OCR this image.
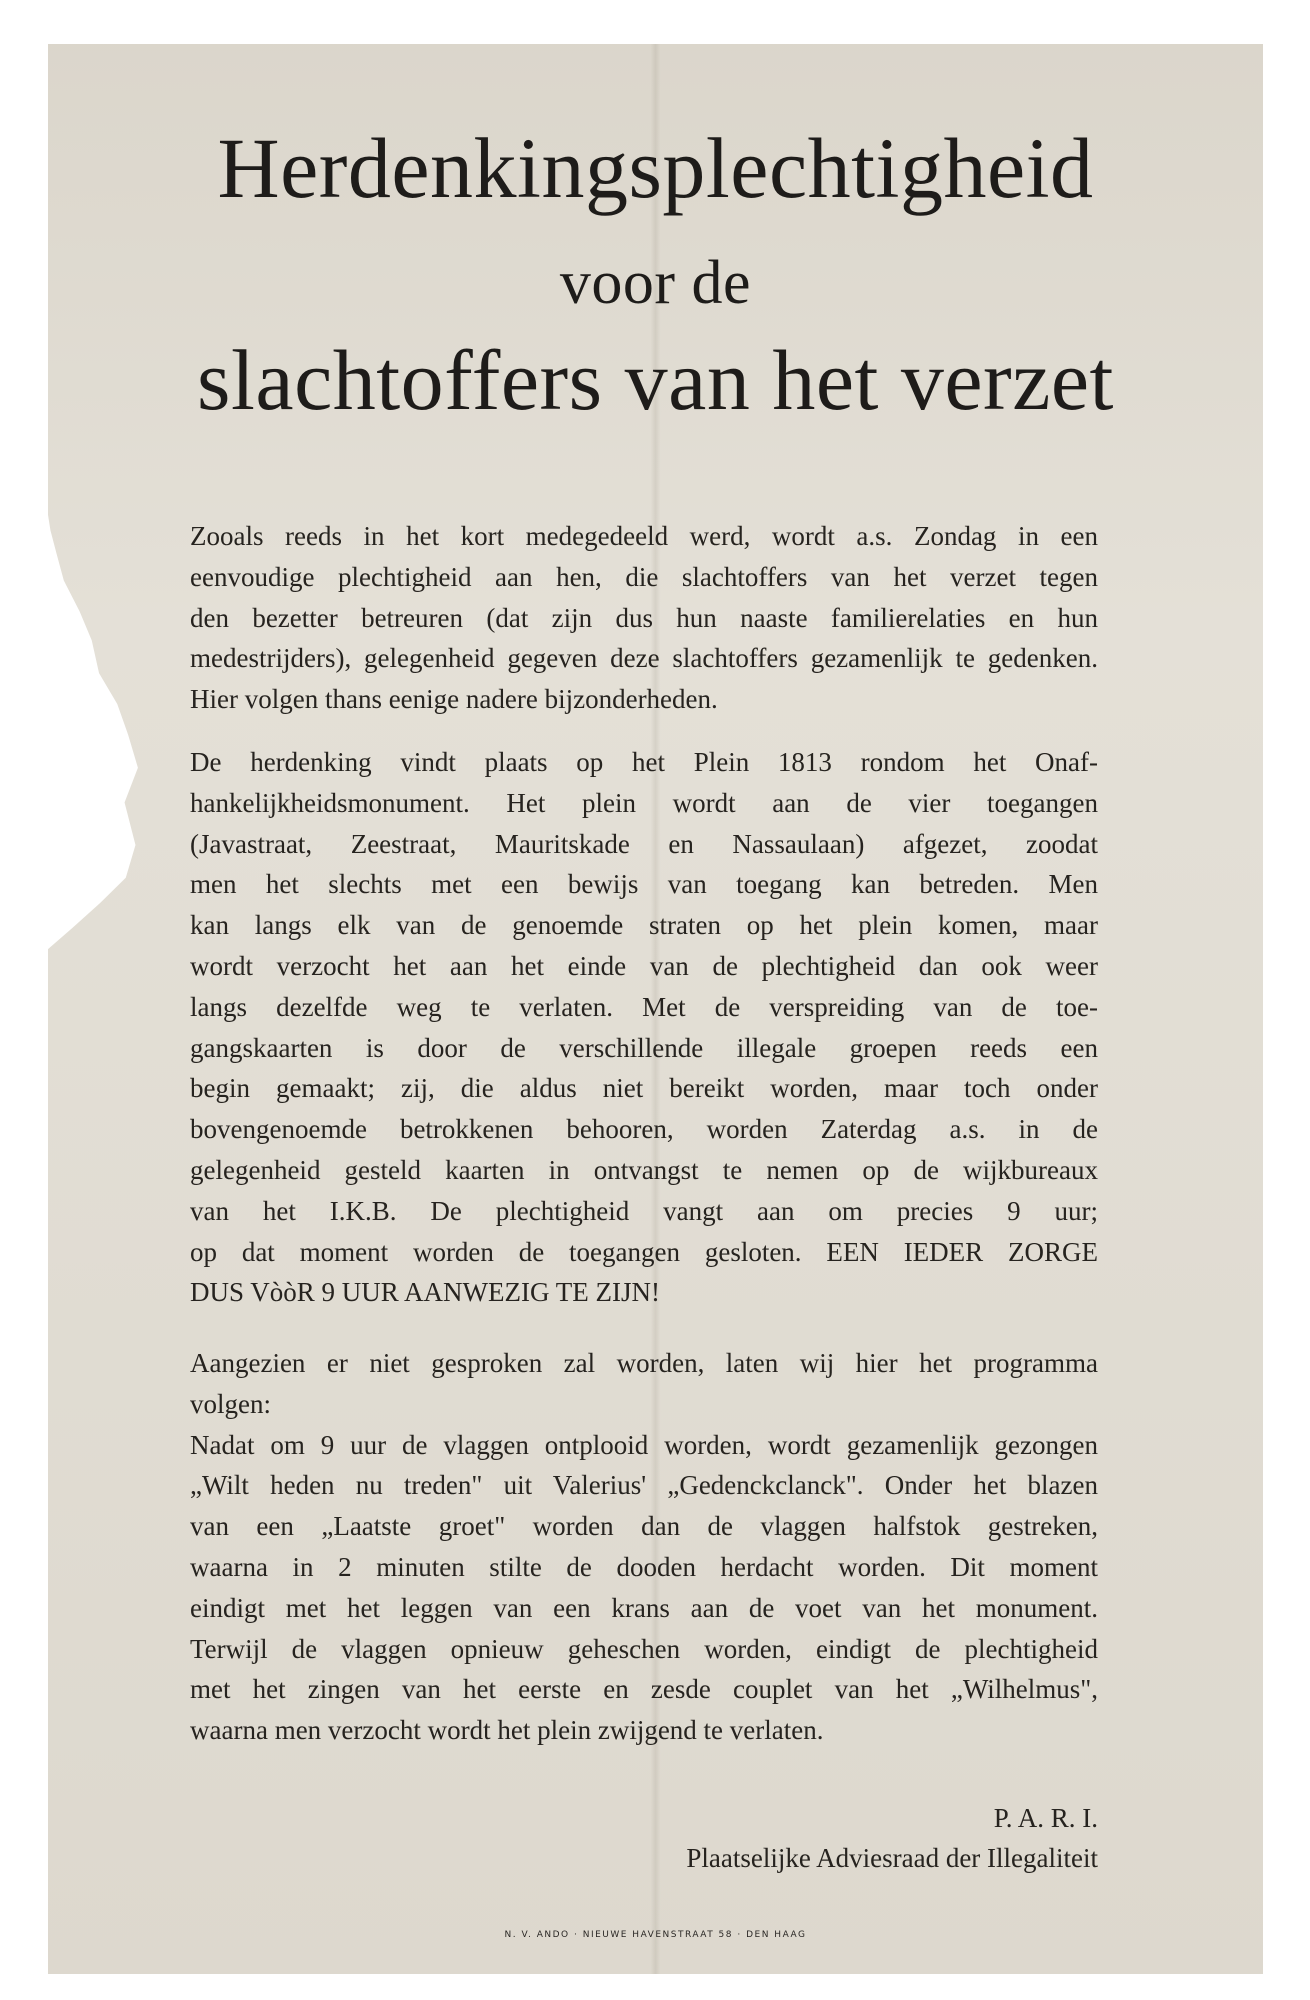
Herdenkingsplechtigheid
voor de
slachtoffers van het verzet
Zooals reeds in het kort medegedeeld werd, wordt a.s. Zondag in een
eenvoudige plechtigheid aan hen, die slachtoffers van het verzet tegen
den bezetter betreuren (dat zijn dus hun naaste familierelaties en hun
medestrijders), gelegenheid gegeven deze slachtoffers gezamenlijk te gedenken.
Hier volgen thans eenige nadere bijzonderheden.
De herdenking vindt plaats op het Plein 1813 rondom het Onaf-
hankelijkheidsmonument. Het plein wordt aan de vier toegangen
(Javastraat, Zeestraat, Mauritskade en Nassaulaan) afgezet, zoodat
men het slechts met een bewijs van toegang kan betreden. Men
kan langs elk van de genoemde straten op het plein komen, maar
wordt verzocht het aan het einde van de plechtigheid dan ook weer
langs dezelfde weg te verlaten. Met de verspreiding van de toe-
gangskaarten is door de verschillende illegale groepen reeds een
begin gemaakt; zij, die aldus niet bereikt worden, maar toch onder
bovengenoemde betrokkenen behooren, worden Zaterdag a.s. in de
gelegenheid gesteld kaarten in ontvangst te nemen op de wijkbureaux
van het I.K.B. De plechtigheid vangt aan om precies 9 uur;
op dat moment worden de toegangen gesloten. EEN IEDER ZORGE
DUS VòòR 9 UUR AANWEZIG TE ZIJN!
Aangezien er niet gesproken zal worden, laten wij hier het programma
volgen:
Nadat om 9 uur de vlaggen ontplooid worden, wordt gezamenlijk gezongen
„Wilt heden nu treden" uit Valerius' „Gedenckclanck". Onder het blazen
van een „Laatste groet" worden dan de vlaggen halfstok gestreken,
waarna in 2 minuten stilte de dooden herdacht worden. Dit moment
eindigt met het leggen van een krans aan de voet van het monument.
Terwijl de vlaggen opnieuw geheschen worden, eindigt de plechtigheid
met het zingen van het eerste en zesde couplet van het „Wilhelmus",
waarna men verzocht wordt het plein zwijgend te verlaten.

P. A. R. I.

Plaatselijke Adviesraad der Illegaliteit

N. V. ANDO · NIEUWE HAVENSTRAAT 58 · DEN HAAG
